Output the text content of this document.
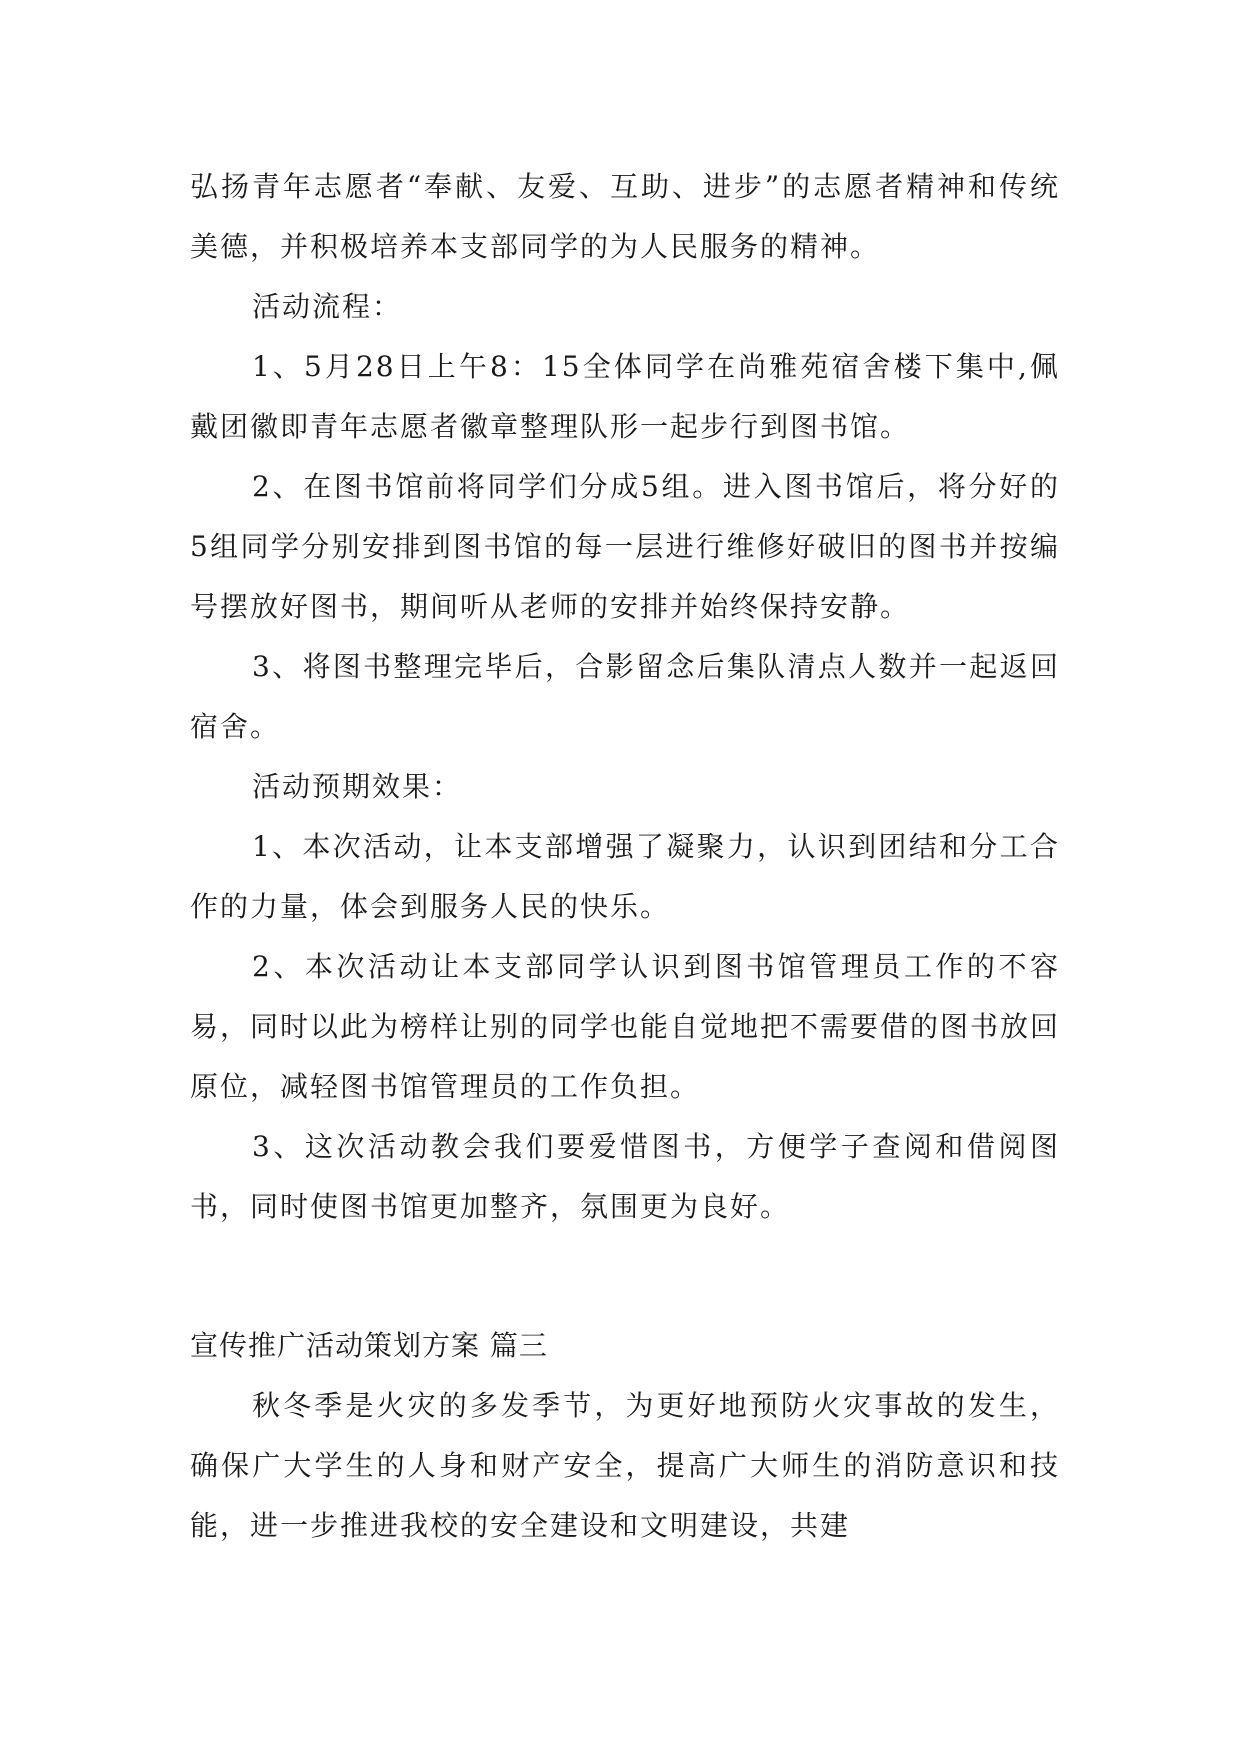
弘扬青年志愿者“奉献、友爱、互助、进步”的志愿者精神和传统美德，并积极培养本支部同学的为人民服务的精神。

活动流程：

1、5月28日上午8：15全体同学在尚雅苑宿舍楼下集中,佩戴团徽即青年志愿者徽章整理队形一起步行到图书馆。

2、在图书馆前将同学们分成5组。进入图书馆后，将分好的5组同学分别安排到图书馆的每一层进行维修好破旧的图书并按编号摆放好图书，期间听从老师的安排并始终保持安静。

3、将图书整理完毕后，合影留念后集队清点人数并一起返回宿舍。

活动预期效果：

1、本次活动，让本支部增强了凝聚力，认识到团结和分工合作的力量，体会到服务人民的快乐。

2、本次活动让本支部同学认识到图书馆管理员工作的不容易，同时以此为榜样让别的同学也能自觉地把不需要借的图书放回原位，减轻图书馆管理员的工作负担。

3、这次活动教会我们要爱惜图书，方便学子查阅和借阅图书，同时使图书馆更加整齐，氛围更为良好。

宣传推广活动策划方案 篇三

秋冬季是火灾的多发季节，为更好地预防火灾事故的发生，确保广大学生的人身和财产安全，提高广大师生的消防意识和技能，进一步推进我校的安全建设和文明建设，共建
